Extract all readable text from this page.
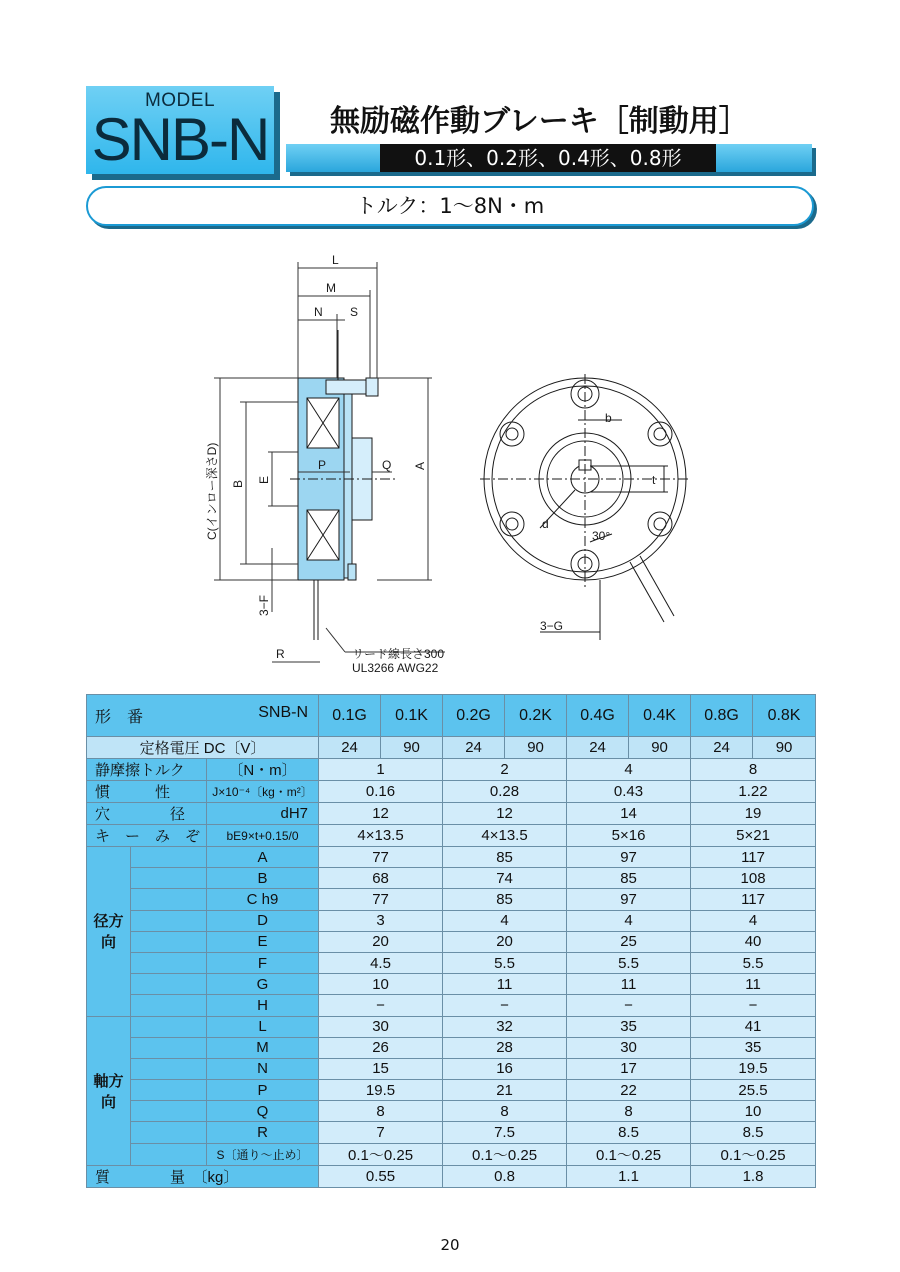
MODEL
SNB-N 無励磁作動ブレーキ［制動用］
0.1形、0.2形、0.4形、0.8形
トルク：1〜8N・m
L
M
N S
P	Q
R
b
t
d
30°
3−G
リード線長さ300
UL3266 AWG22
A
B E
3−F
C(インロー深さD)
形　番 SNB-N			0.1G	0.1K	0.2G	0.2K	0.4G	0.4K	0.8G	0.8K
定格電圧 DC〔V〕			24	90	24	90	24	90	24	90
静摩擦トルク		〔N・m〕	1		2		4		8	
慣　　　性		J×10⁻⁴〔kg・m²〕	0.16		0.28		0.43		1.22	
穴　　　　径		dH7	12		12		14		19	
キ　ー　み　ぞ		bE9×t+0.15/0	4×13.5		4×13.5		5×16		5×21	
径方向		A	77		85		97		117	
		B	68		74		85		108	
		C h9	77		85		97		117	
		D	3		4		4		4	
		E	20		20		25		40	
		F	4.5		5.5		5.5		5.5	
		G	10		11		11		11	
		H	−		−		−		−	
軸方向		L	30		32		35		41	
		M	26		28		30		35	
		N	15		16		17		19.5	
		P	19.5		21		22		25.5	
		Q	8		8		8		10	
		R	7		7.5		8.5		8.5	
		S〔通り〜止め〕	0.1〜0.25		0.1〜0.25		0.1〜0.25		0.1〜0.25	
質　　　　量　〔kg〕			0.55		0.8		1.1		1.8	
20
